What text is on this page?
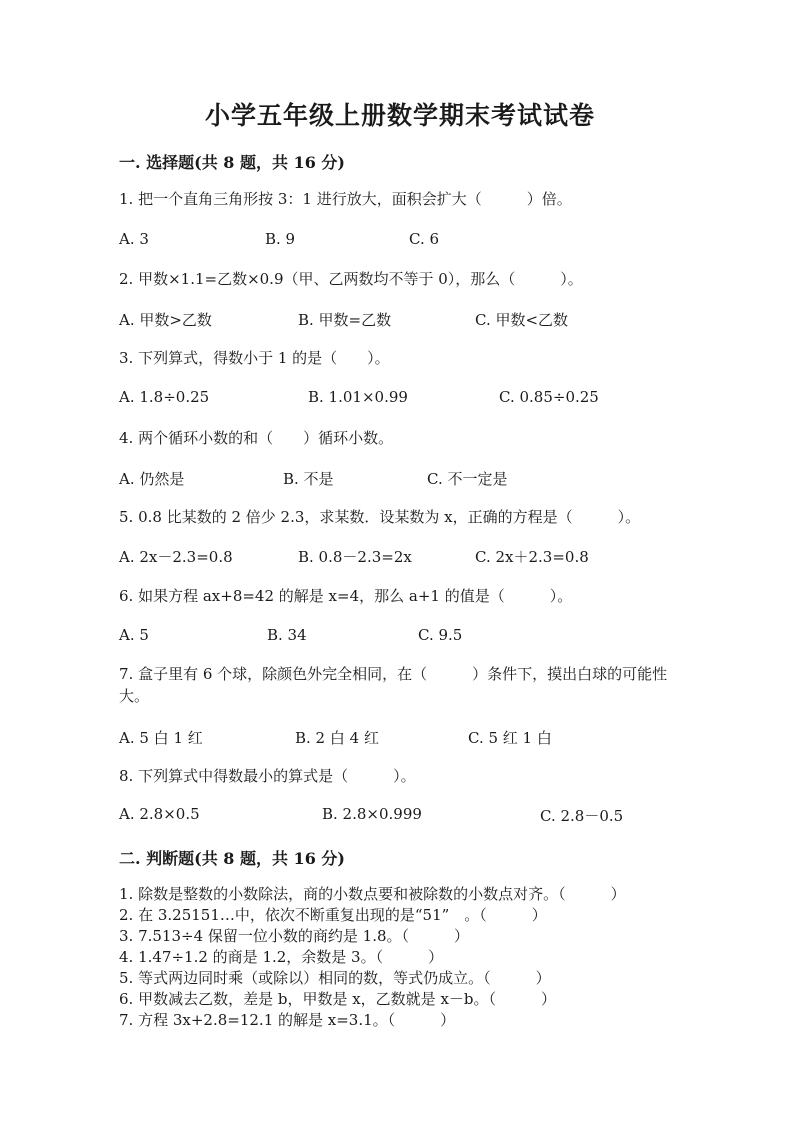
小学五年级上册数学期末考试试卷
一. 选择题(共 8 题，共 16 分)
1. 把一个直角三角形按 3：1 进行放大，面积会扩大（　　　）倍。
A. 3	B. 9	C. 6
2. 甲数×1.1=乙数×0.9（甲、乙两数均不等于 0），那么（　　　）。
A. 甲数>乙数	B. 甲数=乙数	C. 甲数<乙数
3. 下列算式，得数小于 1 的是（　　）。
A. 1.8÷0.25	B. 1.01×0.99	C. 0.85÷0.25
4. 两个循环小数的和（　　）循环小数。
A. 仍然是	B. 不是	C. 不一定是
5. 0.8 比某数的 2 倍少 2.3，求某数．设某数为 x，正确的方程是（　　　）。
A. 2x－2.3=0.8	B. 0.8－2.3=2x	C. 2x＋2.3=0.8
6. 如果方程 ax+8=42 的解是 x=4，那么 a+1 的值是（　　　）。
A. 5	B. 34	C. 9.5
7. 盒子里有 6 个球，除颜色外完全相同，在（　　　）条件下，摸出白球的可能性大。
A. 5 白 1 红	B. 2 白 4 红	C. 5 红 1 白
8. 下列算式中得数最小的算式是（　　　）。
A. 2.8×0.5	B. 2.8×0.999	C. 2.8－0.5
二. 判断题(共 8 题，共 16 分)
1. 除数是整数的小数除法，商的小数点要和被除数的小数点对齐。（　　　）
2. 在 3.25151…中，依次不断重复出现的是“51”　。（　　　）
3. 7.513÷4 保留一位小数的商约是 1.8。（　　　）
4. 1.47÷1.2 的商是 1.2，余数是 3。（　　　）
5. 等式两边同时乘（或除以）相同的数，等式仍成立。（　　　）
6. 甲数减去乙数，差是 b，甲数是 x，乙数就是 x－b。（　　　）
7. 方程 3x+2.8=12.1 的解是 x=3.1。（　　　）
